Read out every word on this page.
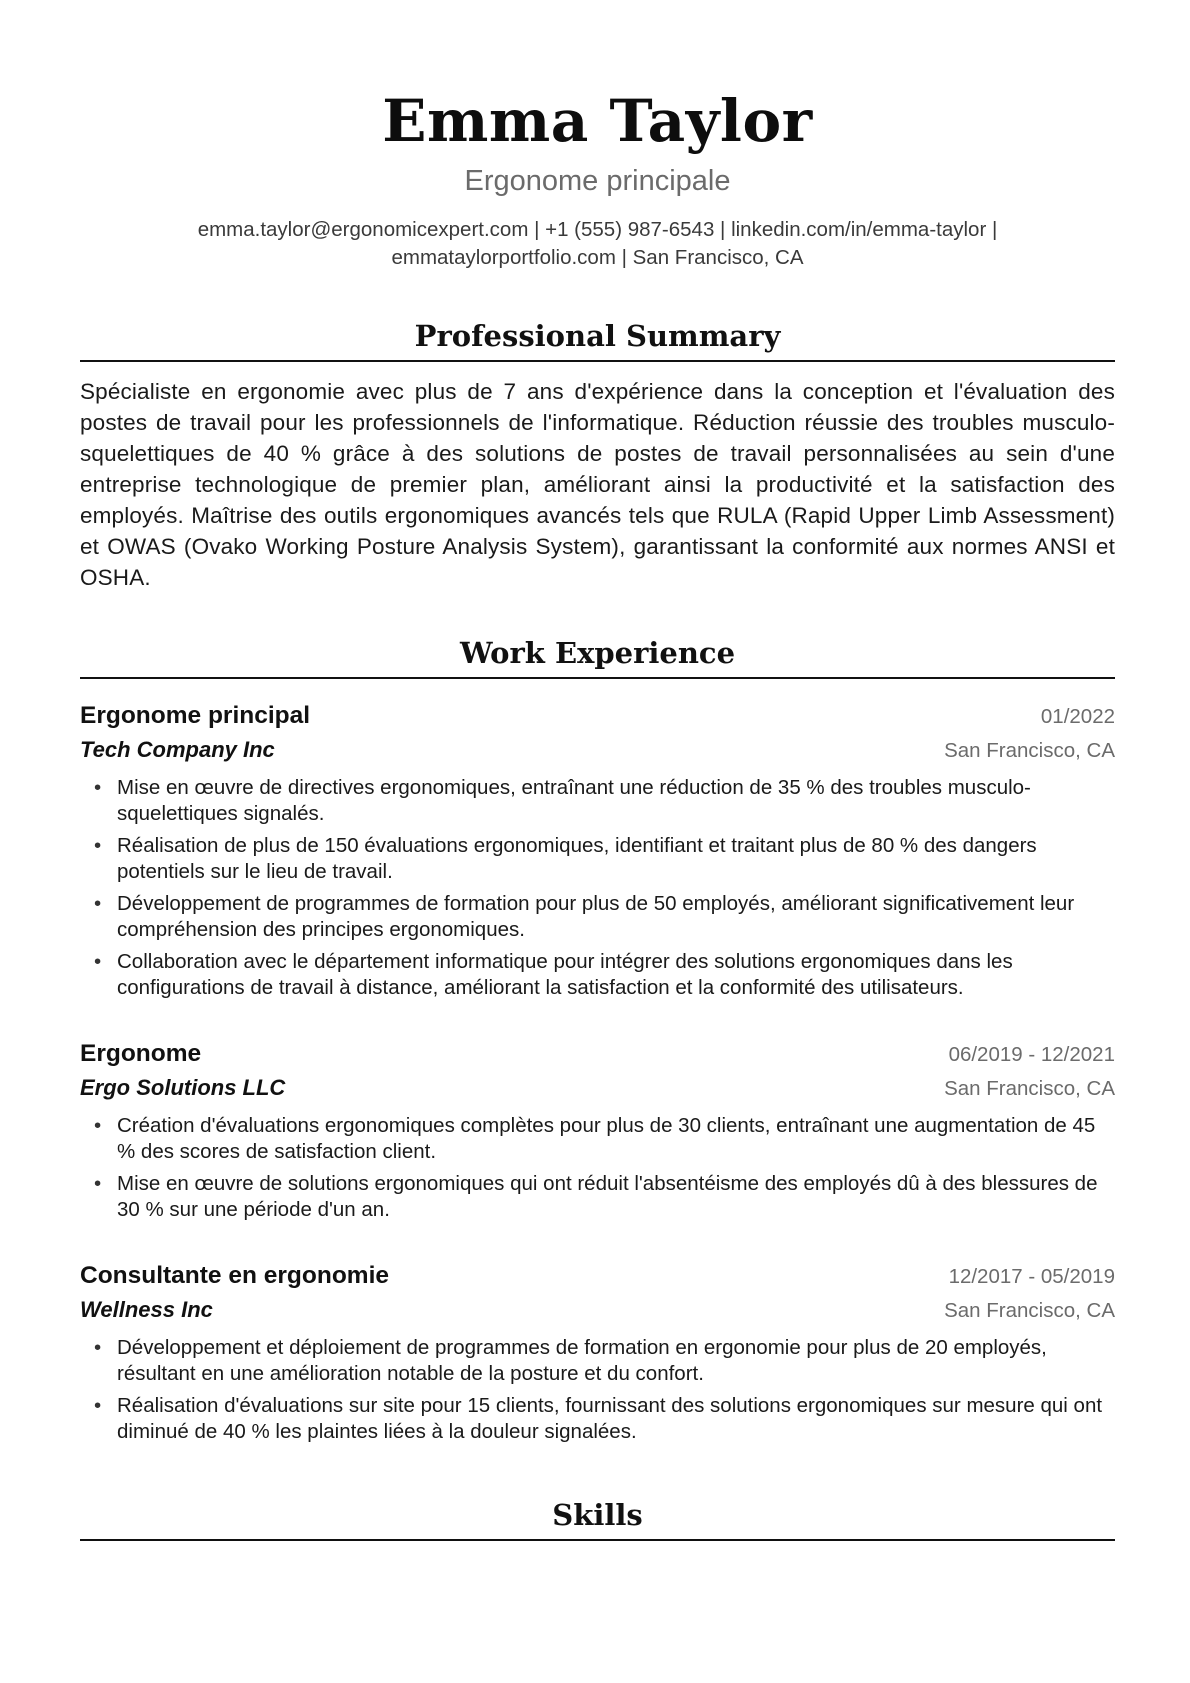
Emma Taylor
Ergonome principale
emma.taylor@ergonomicexpert.com | +1 (555) 987-6543 | linkedin.com/in/emma-taylor |
emmataylorportfolio.com | San Francisco, CA
Professional Summary
Spécialiste en ergonomie avec plus de 7 ans d'expérience dans la conception et l'évaluation des postes de travail pour les professionnels de l'informatique. Réduction réussie des troubles musculo-squelettiques de 40 % grâce à des solutions de postes de travail personnalisées au sein d'une entreprise technologique de premier plan, améliorant ainsi la productivité et la satisfaction des employés. Maîtrise des outils ergonomiques avancés tels que RULA (Rapid Upper Limb Assessment) et OWAS (Ovako Working Posture Analysis System), garantissant la conformité aux normes ANSI et OSHA.
Work Experience
Ergonome principal	01/2022
Tech Company Inc	San Francisco, CA
• Mise en œuvre de directives ergonomiques, entraînant une réduction de 35 % des troubles musculo-squelettiques signalés.
• Réalisation de plus de 150 évaluations ergonomiques, identifiant et traitant plus de 80 % des dangers potentiels sur le lieu de travail.
• Développement de programmes de formation pour plus de 50 employés, améliorant significativement leur compréhension des principes ergonomiques.
• Collaboration avec le département informatique pour intégrer des solutions ergonomiques dans les configurations de travail à distance, améliorant la satisfaction et la conformité des utilisateurs.
Ergonome	06/2019 - 12/2021
Ergo Solutions LLC	San Francisco, CA
• Création d'évaluations ergonomiques complètes pour plus de 30 clients, entraînant une augmentation de 45 % des scores de satisfaction client.
• Mise en œuvre de solutions ergonomiques qui ont réduit l'absentéisme des employés dû à des blessures de 30 % sur une période d'un an.
Consultante en ergonomie	12/2017 - 05/2019
Wellness Inc	San Francisco, CA
• Développement et déploiement de programmes de formation en ergonomie pour plus de 20 employés, résultant en une amélioration notable de la posture et du confort.
• Réalisation d'évaluations sur site pour 15 clients, fournissant des solutions ergonomiques sur mesure qui ont diminué de 40 % les plaintes liées à la douleur signalées.
Skills
